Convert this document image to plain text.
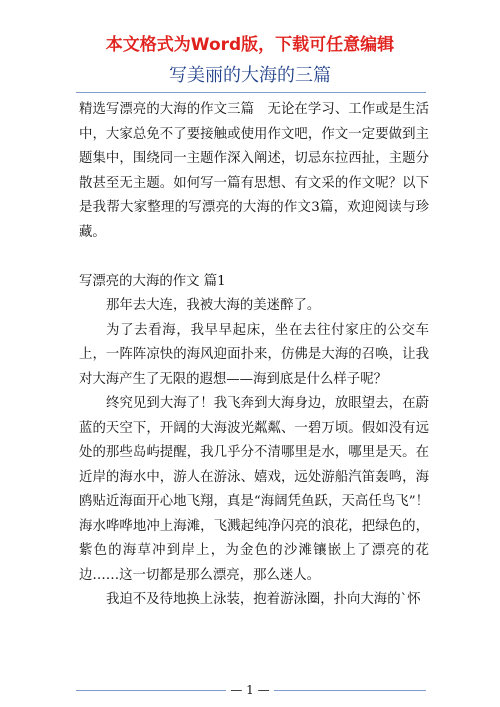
本文格式为Word版，下载可任意编辑
写美丽的大海的三篇

精选写漂亮的大海的作文三篇　无论在学习、工作或是生活中，大家总免不了要接触或使用作文吧，作文一定要做到主题集中，围绕同一主题作深入阐述，切忌东拉西扯，主题分散甚至无主题。如何写一篇有思想、有文采的作文呢？以下是我帮大家整理的写漂亮的大海的作文3篇，欢迎阅读与珍藏。

写漂亮的大海的作文 篇1

那年去大连，我被大海的美迷醉了。

为了去看海，我早早起床，坐在去往付家庄的公交车上，一阵阵凉快的海风迎面扑来，仿佛是大海的召唤，让我对大海产生了无限的遐想——海到底是什么样子呢？

终究见到大海了！我飞奔到大海身边，放眼望去，在蔚蓝的天空下，开阔的大海波光粼粼、一碧万顷。假如没有远处的那些岛屿提醒，我几乎分不清哪里是水，哪里是天。在近岸的海水中，游人在游泳、嬉戏，远处游船汽笛轰鸣，海鸥贴近海面开心地飞翔，真是“海阔凭鱼跃，天高任鸟飞”！海水哗哗地冲上海滩，飞溅起纯净闪亮的浪花，把绿色的，紫色的海草冲到岸上，为金色的沙滩镶嵌上了漂亮的花边……这一切都是那么漂亮，那么迷人。

我迫不及待地换上泳装，抱着游泳圈，扑向大海的`怀

— 1 —
